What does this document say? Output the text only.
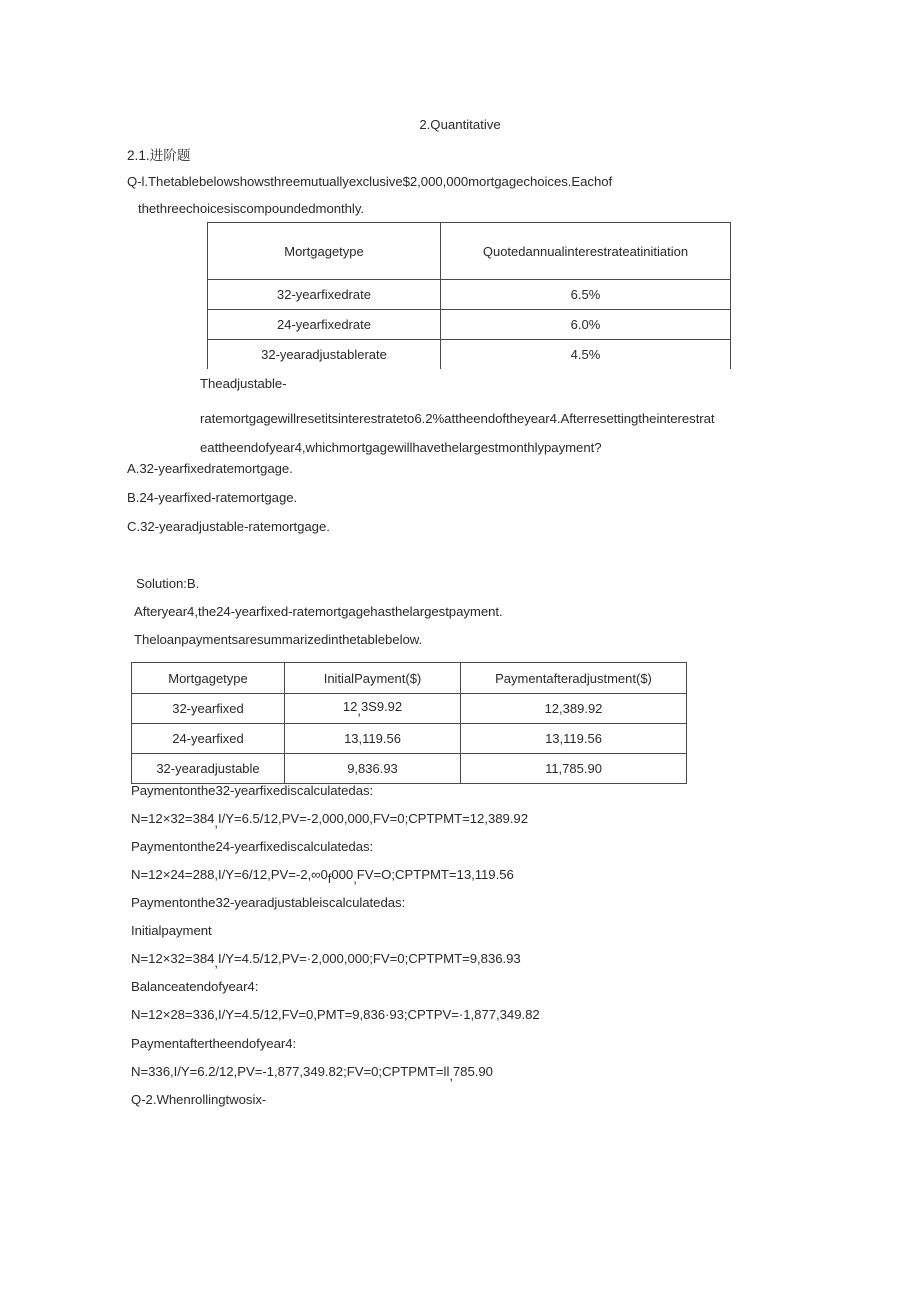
2.Quantitative
2.1.进阶题
Q-l.Thetablebelowshowsthreemutuallyexclusive$2,000,000mortgagechoices.Eachof
thethreechoicesiscompoundedmonthly.
Mortgagetype	Quotedannualinterestrateatinitiation
32-yearfixedrate	6.5%
24-yearfixedrate	6.0%
32-yearadjustablerate	4.5%
Theadjustable-
ratemortgagewillresetitsinterestrateto6.2%attheendoftheyear4.Afterresettingtheinterestrat
eattheendofyear4,whichmortgagewillhavethelargestmonthlypayment?
A.32-yearfixedratemortgage.
B.24-yearfixed-ratemortgage.
C.32-yearadjustable-ratemortgage.
Solution:B.
Afteryear4,the24-yearfixed-ratemortgagehasthelargestpayment.
Theloanpaymentsaresummarizedinthetablebelow.
Mortgagetype	InitialPayment($)	Paymentafteradjustment($)
32-yearfixed	12,3S9.92	12,389.92
24-yearfixed	13,119.56	13,119.56
32-yearadjustable	9,836.93	11,785.90
Paymentonthe32-yearfixediscalculatedas:
N=12×32=384,I/Y=6.5/12,PV=-2,000,000,FV=0;CPTPMT=12,389.92
Paymentonthe24-yearfixediscalculatedas:
N=12×24=288,I/Y=6/12,PV=-2,∞0f000,FV=O;CPTPMT=13,119.56
Paymentonthe32-yearadjustableiscalculatedas:
Initialpayment
N=12×32=384,I/Y=4.5/12,PV=·2,000,000;FV=0;CPTPMT=9,836.93
Balanceatendofyear4:
N=12×28=336,I/Y=4.5/12,FV=0,PMT=9,836·93;CPTPV=·1,877,349.82
Paymentaftertheendofyear4:
N=336,I/Y=6.2/12,PV=-1,877,349.82;FV=0;CPTPMT=ll,785.90
Q-2.Whenrollingtwosix-
